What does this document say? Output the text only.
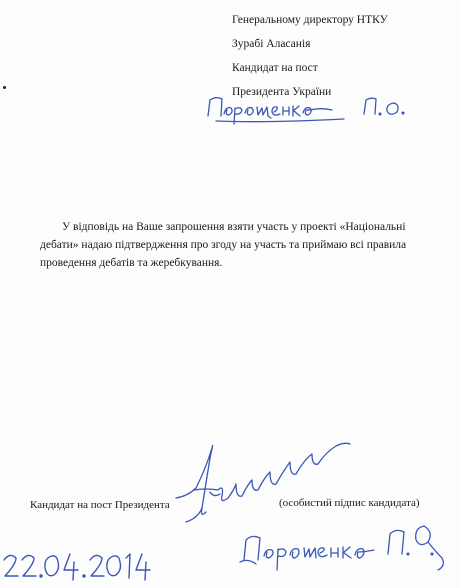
Генеральному директору НТКУ
Зурабі Аласанія
Кандидат на пост
Президента України

У відповідь на Ваше запрошення взяти участь у проекті «Національні
дебати» надаю підтвердження про згоду на участь та приймаю всі правила
проведення дебатів та жеребкування.

Кандидат на пост Президента	(особистий підпис кандидата)
